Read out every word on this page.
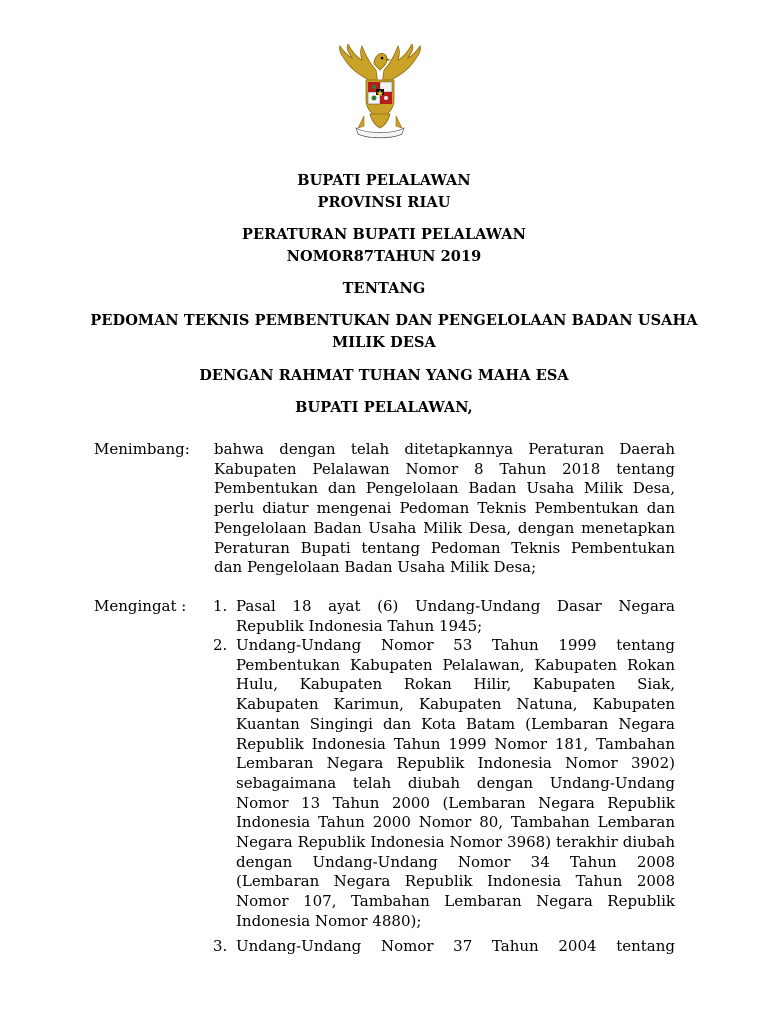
BUPATI PELALAWAN
PROVINSI RIAU
PERATURAN BUPATI PELALAWAN
NOMOR87TAHUN 2019
TENTANG
PEDOMAN TEKNIS PEMBENTUKAN DAN PENGELOLAAN BADAN USAHA
MILIK DESA
DENGAN RAHMAT TUHAN YANG MAHA ESA
BUPATI PELALAWAN,
Menimbang: bahwa dengan telah ditetapkannya Peraturan Daerah Kabupaten Pelalawan Nomor 8 Tahun 2018 tentang Pembentukan dan Pengelolaan Badan Usaha Milik Desa, perlu diatur mengenai Pedoman Teknis Pembentukan dan Pengelolaan Badan Usaha Milik Desa, dengan menetapkan Peraturan Bupati tentang Pedoman Teknis Pembentukan dan Pengelolaan Badan Usaha Milik Desa;
Mengingat : 1. Pasal 18 ayat (6) Undang-Undang Dasar Negara Republik Indonesia Tahun 1945;
2. Undang-Undang Nomor 53 Tahun 1999 tentang Pembentukan Kabupaten Pelalawan, Kabupaten Rokan Hulu, Kabupaten Rokan Hilir, Kabupaten Siak, Kabupaten Karimun, Kabupaten Natuna, Kabupaten Kuantan Singingi dan Kota Batam (Lembaran Negara Republik Indonesia Tahun 1999 Nomor 181, Tambahan Lembaran Negara Republik Indonesia Nomor 3902) sebagaimana telah diubah dengan Undang-Undang Nomor 13 Tahun 2000 (Lembaran Negara Republik Indonesia Tahun 2000 Nomor 80, Tambahan Lembaran Negara Republik Indonesia Nomor 3968) terakhir diubah dengan Undang-Undang Nomor 34 Tahun 2008 (Lembaran Negara Republik Indonesia Tahun 2008 Nomor 107, Tambahan Lembaran Negara Republik Indonesia Nomor 4880);
3. Undang-Undang Nomor 37 Tahun 2004 tentang
